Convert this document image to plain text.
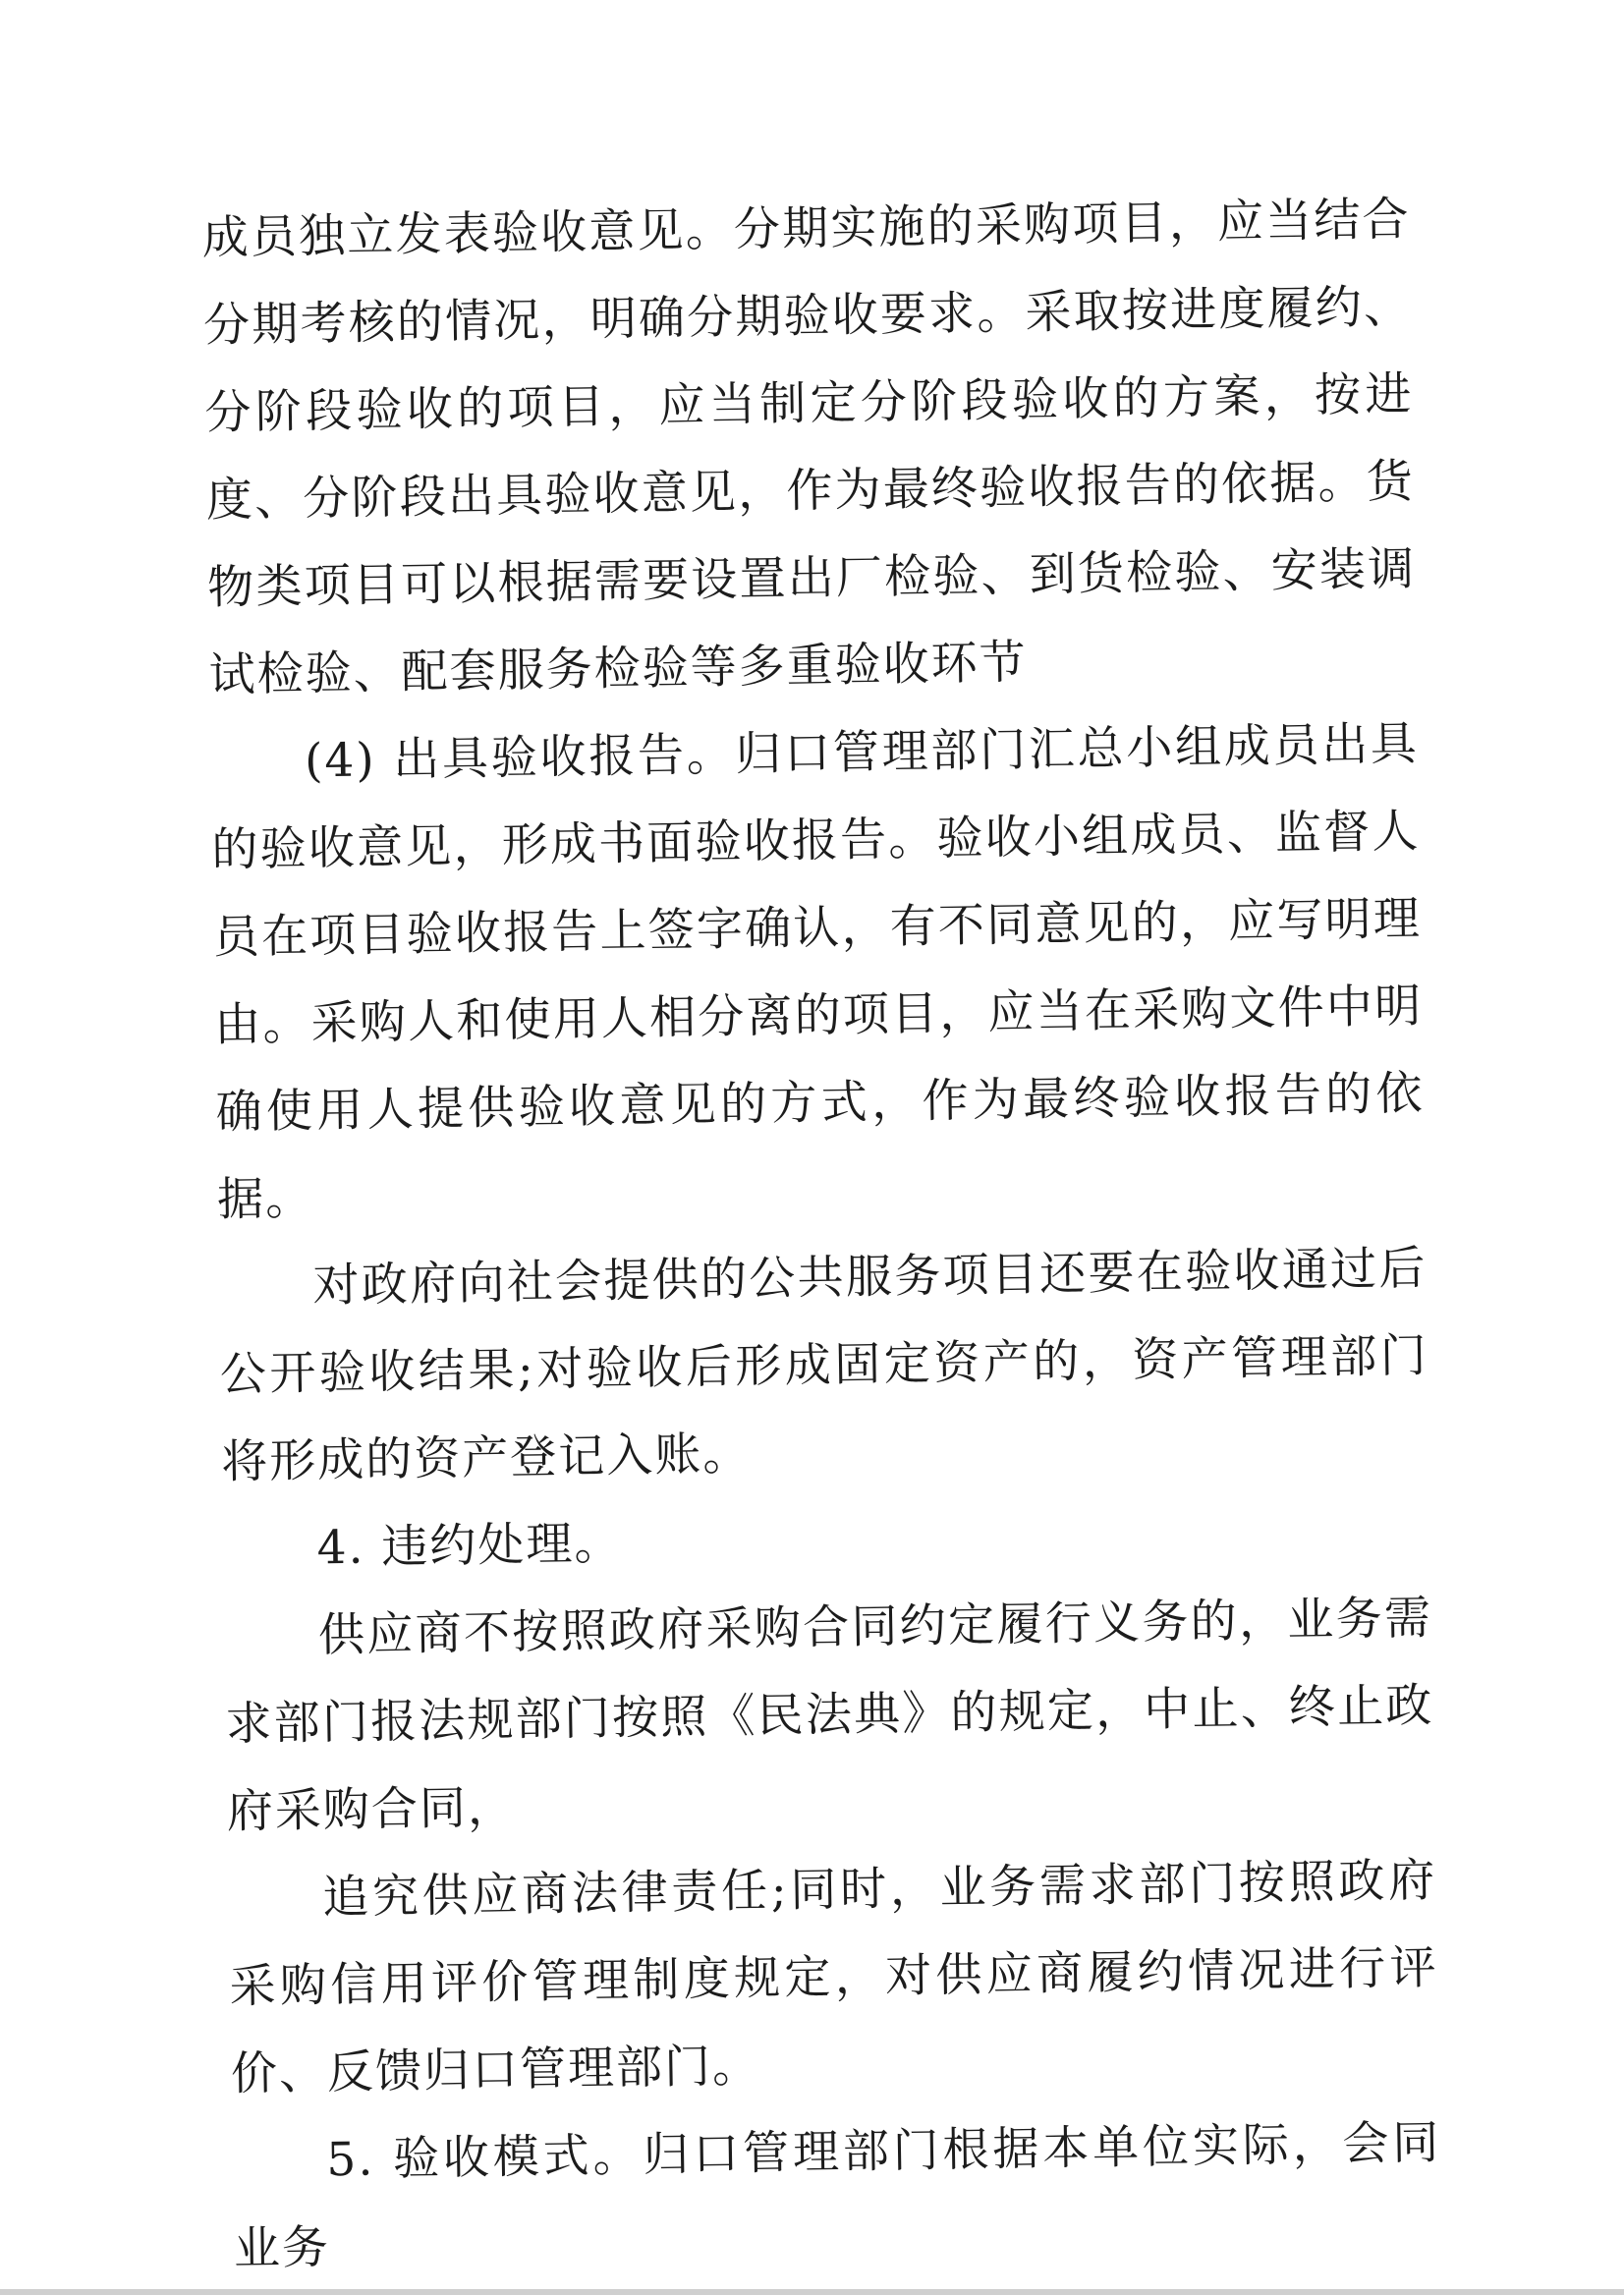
成员独立发表验收意见。分期实施的采购项目，应当结合分期考核的情况，明确分期验收要求。采取按进度履约、分阶段验收的项目，应当制定分阶段验收的方案，按进度、分阶段出具验收意见，作为最终验收报告的依据。货物类项目可以根据需要设置出厂检验、到货检验、安装调试检验、配套服务检验等多重验收环节

(4) 出具验收报告。归口管理部门汇总小组成员出具的验收意见，形成书面验收报告。验收小组成员、监督人员在项目验收报告上签字确认，有不同意见的，应写明理由。采购人和使用人相分离的项目，应当在采购文件中明确使用人提供验收意见的方式，作为最终验收报告的依据。

对政府向社会提供的公共服务项目还要在验收通过后公开验收结果;对验收后形成固定资产的，资产管理部门将形成的资产登记入账。

4. 违约处理。

供应商不按照政府采购合同约定履行义务的，业务需求部门报法规部门按照《民法典》的规定，中止、终止政府采购合同，

追究供应商法律责任;同时，业务需求部门按照政府采购信用评价管理制度规定，对供应商履约情况进行评价、反馈归口管理部门。

5. 验收模式。归口管理部门根据本单位实际，会同业务
